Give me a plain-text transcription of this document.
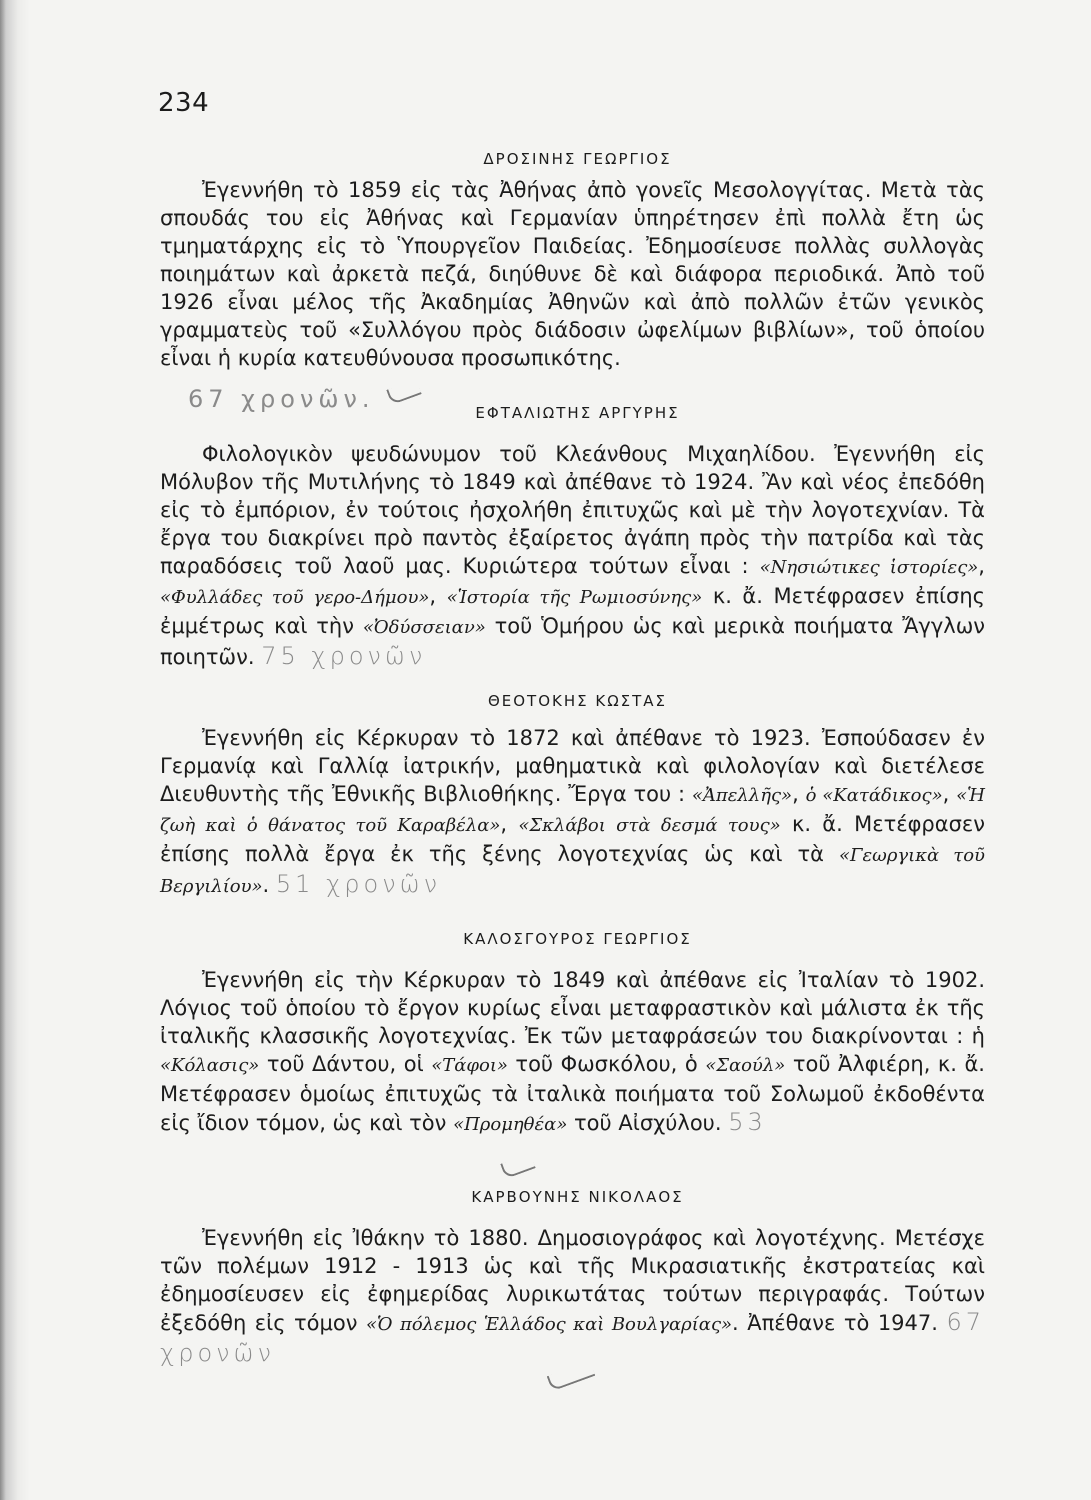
234
ΔΡΟΣΙΝΗΣ ΓΕΩΡΓΙΟΣ

Ἐγεννήθη τὸ 1859 εἰς τὰς Ἀθήνας ἀπὸ γονεῖς Μεσολογγίτας. Μετὰ τὰς σπουδάς του εἰς Ἀθήνας καὶ Γερμανίαν ὑπηρέτησεν ἐπὶ πολλὰ ἔτη ὡς τμηματάρχης εἰς τὸ Ὑπουργεῖον Παιδείας. Ἐδημοσίευσε πολλὰς συλλογὰς ποιημάτων καὶ ἀρκετὰ πεζά, διηύθυνε δὲ καὶ διάφορα περιοδικά. Ἀπὸ τοῦ 1926 εἶναι μέλος τῆς Ἀκαδημίας Ἀθηνῶν καὶ ἀπὸ πολλῶν ἐτῶν γενικὸς γραμματεὺς τοῦ «Συλλόγου πρὸς διάδοσιν ὠφελίμων βιβλίων», τοῦ ὁποίου εἶναι ἡ κυρία κατευθύνουσα προσωπικότης.

67 χρονῶν.	ΕΦΤΑΛΙΩΤΗΣ ΑΡΓΥΡΗΣ

Φιλολογικὸν ψευδώνυμον τοῦ Κλεάνθους Μιχαηλίδου. Ἐγεννήθη εἰς Μόλυβον τῆς Μυτιλήνης τὸ 1849 καὶ ἀπέθανε τὸ 1924. Ἂν καὶ νέος ἐπεδόθη εἰς τὸ ἐμπόριον, ἐν τούτοις ἠσχολήθη ἐπιτυχῶς καὶ μὲ τὴν λογοτεχνίαν. Τὰ ἔργα του διακρίνει πρὸ παντὸς ἐξαίρετος ἀγάπη πρὸς τὴν πατρίδα καὶ τὰς παραδόσεις τοῦ λαοῦ μας. Κυριώτερα τούτων εἶναι : «Νησιώτικες ἱστορίες», «Φυλλάδες τοῦ γερο-Δήμου», «Ἱστορία τῆς Ρωμιοσύνης» κ. ἄ. Μετέφρασεν ἐπίσης ἐμμέτρως καὶ τὴν «Ὀδύσσειαν» τοῦ Ὁμήρου ὡς καὶ μερικὰ ποιήματα Ἄγγλων ποιητῶν. 75 χρονῶν

ΘΕΟΤΟΚΗΣ ΚΩΣΤΑΣ

Ἐγεννήθη εἰς Κέρκυραν τὸ 1872 καὶ ἀπέθανε τὸ 1923. Ἐσπούδασεν ἐν Γερμανίᾳ καὶ Γαλλίᾳ ἰατρικήν, μαθηματικὰ καὶ φιλολογίαν καὶ διετέλεσε Διευθυντὴς τῆς Ἐθνικῆς Βιβλιοθήκης. Ἔργα του : «Ἀπελλῆς», ὁ «Κατάδικος», «Ἡ ζωὴ καὶ ὁ θάνατος τοῦ Καραβέλα», «Σκλάβοι στὰ δεσμά τους» κ. ἄ. Μετέφρασεν ἐπίσης πολλὰ ἔργα ἐκ τῆς ξένης λογοτεχνίας ὡς καὶ τὰ «Γεωργικὰ τοῦ Βεργιλίου». 51 χρονῶν

ΚΑΛΟΣΓΟΥΡΟΣ ΓΕΩΡΓΙΟΣ

Ἐγεννήθη εἰς τὴν Κέρκυραν τὸ 1849 καὶ ἀπέθανε εἰς Ἰταλίαν τὸ 1902. Λόγιος τοῦ ὁποίου τὸ ἔργον κυρίως εἶναι μεταφραστικὸν καὶ μάλιστα ἐκ τῆς ἰταλικῆς κλασσικῆς λογοτεχνίας. Ἐκ τῶν μεταφράσεών του διακρίνονται : ἡ «Κόλασις» τοῦ Δάντου, οἱ «Τάφοι» τοῦ Φωσκόλου, ὁ «Σαούλ» τοῦ Ἀλφιέρη, κ. ἄ. Μετέφρασεν ὁμοίως ἐπιτυχῶς τὰ ἰταλικὰ ποιήματα τοῦ Σολωμοῦ ἐκδοθέντα εἰς ἴδιον τόμον, ὡς καὶ τὸν «Προμηθέα» τοῦ Αἰσχύλου. 53

ΚΑΡΒΟΥΝΗΣ ΝΙΚΟΛΑΟΣ

Ἐγεννήθη εἰς Ἰθάκην τὸ 1880. Δημοσιογράφος καὶ λογοτέχνης. Μετέσχε τῶν πολέμων 1912 - 1913 ὡς καὶ τῆς Μικρασιατικῆς ἐκστρατείας καὶ ἐδημοσίευσεν εἰς ἐφημερίδας λυρικωτάτας τούτων περιγραφάς. Τούτων ἐξεδόθη εἰς τόμον «Ὁ πόλεμος Ἑλλάδος καὶ Βουλγαρίας». Ἀπέθανε τὸ 1947. 67 χρονῶν
